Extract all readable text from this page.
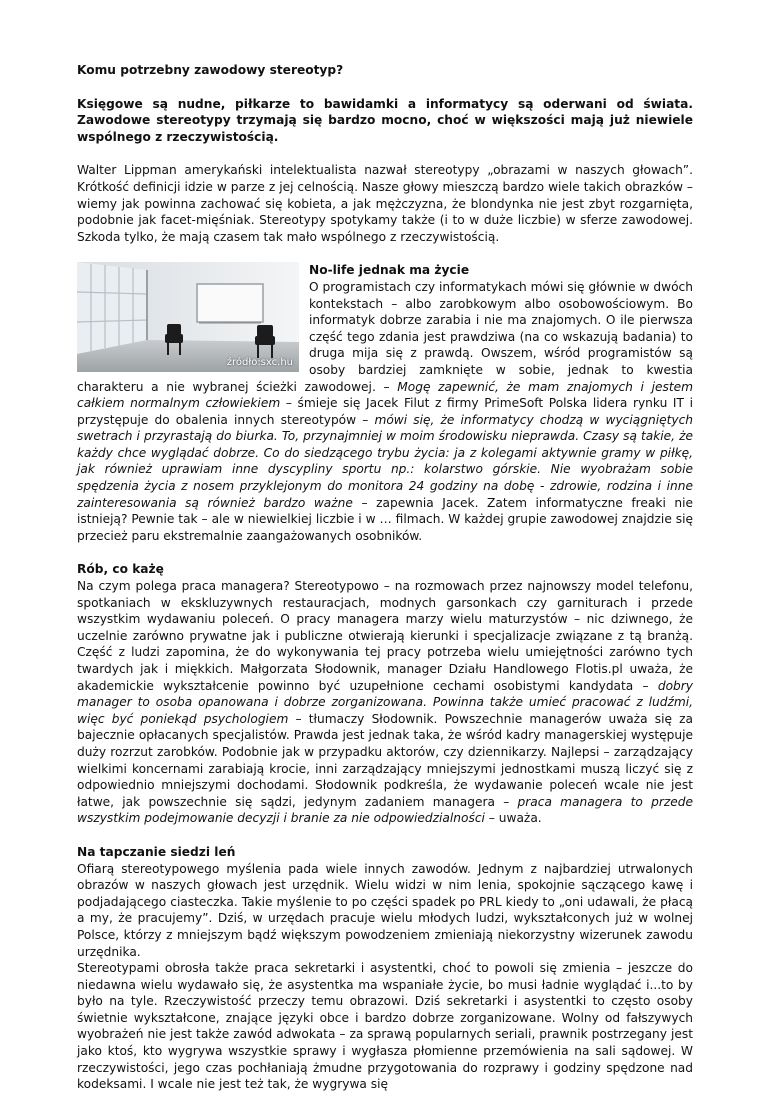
Komu potrzebny zawodowy stereotyp?

Księgowe są nudne, piłkarze to bawidamki a informatycy są oderwani od świata. Zawodowe stereotypy trzymają się bardzo mocno, choć w większości mają już niewiele wspólnego z rzeczywistością.

Walter Lippman amerykański intelektualista nazwał stereotypy „obrazami w naszych głowach”. Krótkość definicji idzie w parze z jej celnością. Nasze głowy mieszczą bardzo wiele takich obrazków – wiemy jak powinna zachować się kobieta, a jak mężczyzna, że blondynka nie jest zbyt rozgarnięta, podobnie jak facet-mięśniak. Stereotypy spotykamy także (i to w duże liczbie) w sferze zawodowej. Szkoda tylko, że mają czasem tak mało wspólnego z rzeczywistością.

źródło:sxc.hu
No-life jednak ma życie

O programistach czy informatykach mówi się głównie w dwóch kontekstach – albo zarobkowym albo osobowościowym. Bo informatyk dobrze zarabia i nie ma znajomych. O ile pierwsza część tego zdania jest prawdziwa (na co wskazują badania) to druga mija się z prawdą. Owszem, wśród programistów są osoby bardziej zamknięte w sobie, jednak to kwestia charakteru a nie wybranej ścieżki zawodowej. – Mogę zapewnić, że mam znajomych i jestem całkiem normalnym człowiekiem – śmieje się Jacek Filut z firmy PrimeSoft Polska lidera rynku IT i przystępuje do obalenia innych stereotypów – mówi się, że informatycy chodzą w wyciągniętych swetrach i przyrastają do biurka. To, przynajmniej w moim środowisku nieprawda. Czasy są takie, że każdy chce wyglądać dobrze. Co do siedzącego trybu życia: ja z kolegami aktywnie gramy w piłkę, jak również uprawiam inne dyscypliny sportu np.: kolarstwo górskie. Nie wyobrażam sobie spędzenia życia z nosem przyklejonym do monitora 24 godziny na dobę - zdrowie, rodzina i inne zainteresowania są również bardzo ważne – zapewnia Jacek. Zatem informatyczne freaki nie istnieją? Pewnie tak – ale w niewielkiej liczbie i w … filmach. W każdej grupie zawodowej znajdzie się przecież paru ekstremalnie zaangażowanych osobników.

Rób, co każę

Na czym polega praca managera? Stereotypowo – na rozmowach przez najnowszy model telefonu, spotkaniach w ekskluzywnych restauracjach, modnych garsonkach czy garniturach i przede wszystkim wydawaniu poleceń. O pracy managera marzy wielu maturzystów – nic dziwnego, że uczelnie zarówno prywatne jak i publiczne otwierają kierunki i specjalizacje związane z tą branżą. Część z ludzi zapomina, że do wykonywania tej pracy potrzeba wielu umiejętności zarówno tych twardych jak i miękkich. Małgorzata Słodownik, manager Działu Handlowego Flotis.pl uważa, że akademickie wykształcenie powinno być uzupełnione cechami osobistymi kandydata – dobry manager to osoba opanowana i dobrze zorganizowana. Powinna także umieć pracować z ludźmi, więc być poniekąd psychologiem – tłumaczy Słodownik. Powszechnie managerów uważa się za bajecznie opłacanych specjalistów. Prawda jest jednak taka, że wśród kadry managerskiej występuje duży rozrzut zarobków. Podobnie jak w przypadku aktorów, czy dziennikarzy. Najlepsi – zarządzający wielkimi koncernami zarabiają krocie, inni zarządzający mniejszymi jednostkami muszą liczyć się z odpowiednio mniejszymi dochodami. Słodownik podkreśla, że wydawanie poleceń wcale nie jest łatwe, jak powszechnie się sądzi, jedynym zadaniem managera – praca managera to przede wszystkim podejmowanie decyzji i branie za nie odpowiedzialności – uważa.

Na tapczanie siedzi leń

Ofiarą stereotypowego myślenia pada wiele innych zawodów. Jednym z najbardziej utrwalonych obrazów w naszych głowach jest urzędnik. Wielu widzi w nim lenia, spokojnie sączącego kawę i podjadającego ciasteczka. Takie myślenie to po części spadek po PRL kiedy to „oni udawali, że płacą a my, że pracujemy”. Dziś, w urzędach pracuje wielu młodych ludzi, wykształconych już w wolnej Polsce, którzy z mniejszym bądź większym powodzeniem zmieniają niekorzystny wizerunek zawodu urzędnika.

Stereotypami obrosła także praca sekretarki i asystentki, choć to powoli się zmienia – jeszcze do niedawna wielu wydawało się, że asystentka ma wspaniałe życie, bo musi ładnie wyglądać i...to by było na tyle. Rzeczywistość przeczy temu obrazowi. Dziś sekretarki i asystentki to często osoby świetnie wykształcone, znające języki obce i bardzo dobrze zorganizowane. Wolny od fałszywych wyobrażeń nie jest także zawód adwokata – za sprawą popularnych seriali, prawnik postrzegany jest jako ktoś, kto wygrywa wszystkie sprawy i wygłasza płomienne przemówienia na sali sądowej. W rzeczywistości, jego czas pochłaniają żmudne przygotowania do rozprawy i godziny spędzone nad kodeksami. I wcale nie jest też tak, że wygrywa się
